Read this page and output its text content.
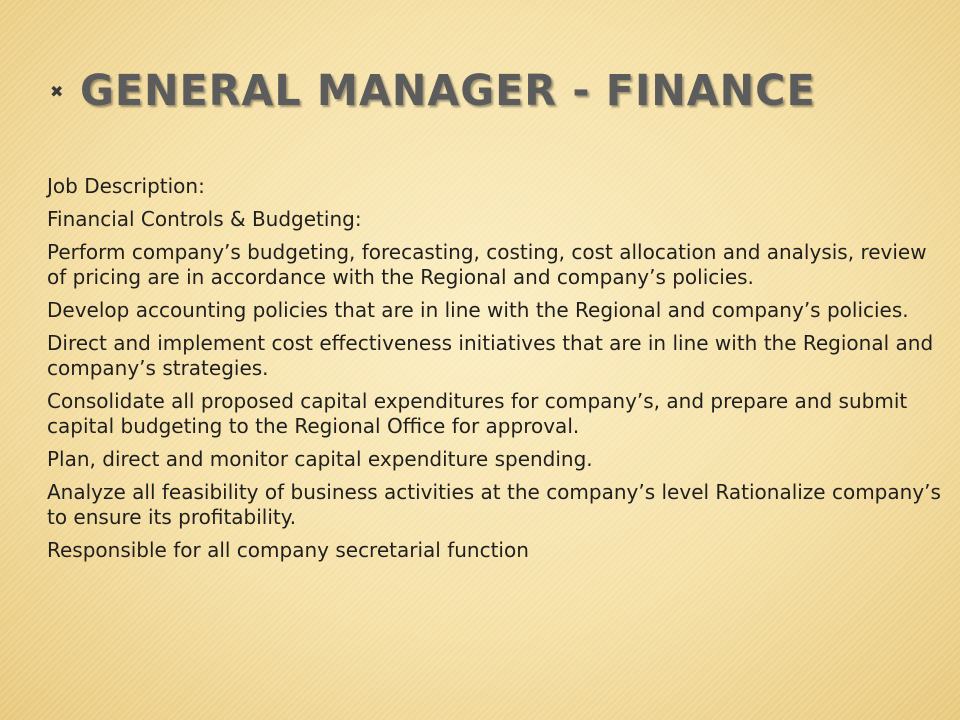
✖ GENERAL MANAGER - FINANCE

Job Description:

Financial Controls & Budgeting:

Perform company’s budgeting, forecasting, costing, cost allocation and analysis, review of pricing are in accordance with the Regional and company’s policies.

Develop accounting policies that are in line with the Regional and company’s policies.

Direct and implement cost effectiveness initiatives that are in line with the Regional and company’s strategies.

Consolidate all proposed capital expenditures for company’s, and prepare and submit capital budgeting to the Regional Office for approval.

Plan, direct and monitor capital expenditure spending.

Analyze all feasibility of business activities at the company’s level Rationalize company’s to ensure its profitability.

Responsible for all company secretarial function
